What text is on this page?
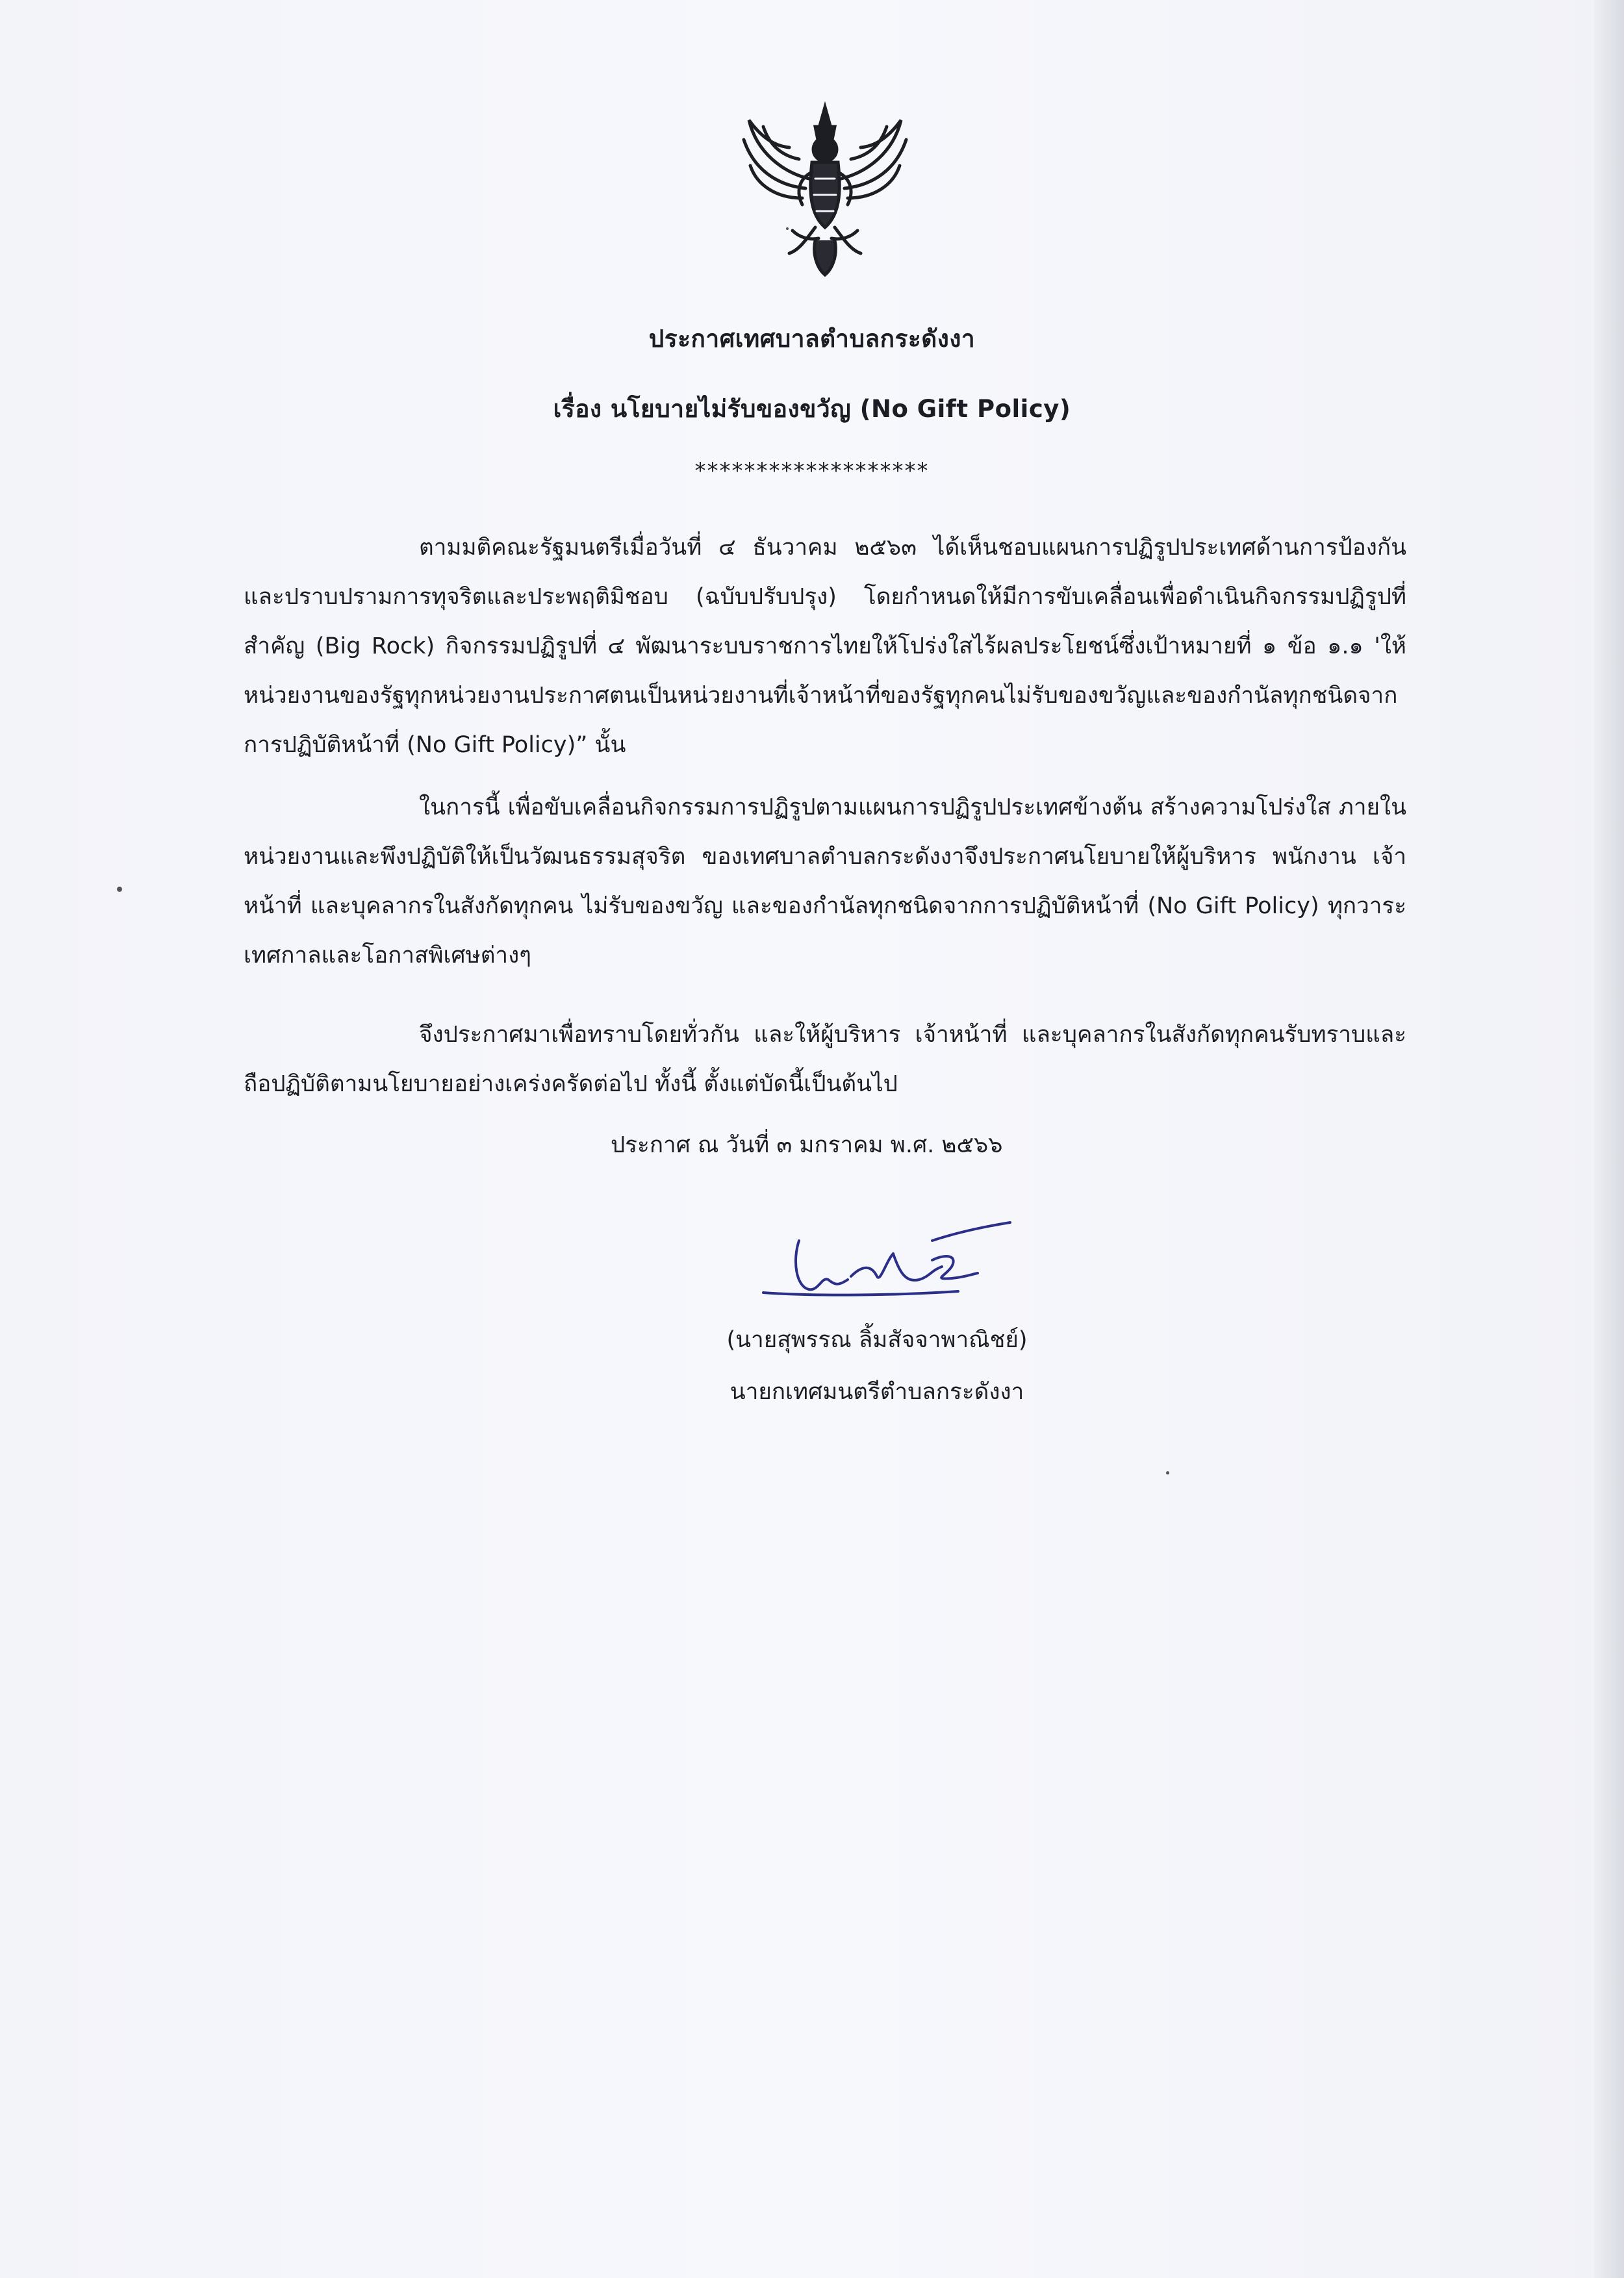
ประกาศเทศบาลตำบลกระดังงา
เรื่อง นโยบายไม่รับของขวัญ (No Gift Policy)
*******************
ตามมติคณะรัฐมนตรีเมื่อวันที่ ๔ ธันวาคม ๒๕๖๓ ได้เห็นชอบแผนการปฏิรูปประเทศด้านการป้องกันและปราบปรามการทุจริตและประพฤติมิชอบ (ฉบับปรับปรุง) โดยกำหนดให้มีการขับเคลื่อนเพื่อดำเนินกิจกรรมปฏิรูปที่สำคัญ (Big Rock) กิจกรรมปฏิรูปที่ ๔ พัฒนาระบบราชการไทยให้โปร่งใสไร้ผลประโยชน์ซึ่งเป้าหมายที่ ๑ ข้อ ๑.๑ 'ให้หน่วยงานของรัฐทุกหน่วยงานประกาศตนเป็นหน่วยงานที่เจ้าหน้าที่ของรัฐทุกคนไม่รับของขวัญและของกำนัลทุกชนิดจากการปฏิบัติหน้าที่ (No Gift Policy)” นั้น
ในการนี้ เพื่อขับเคลื่อนกิจกรรมการปฏิรูปตามแผนการปฏิรูปประเทศข้างต้น สร้างความโปร่งใส ภายในหน่วยงานและพึงปฏิบัติให้เป็นวัฒนธรรมสุจริต ของเทศบาลตำบลกระดังงาจึงประกาศนโยบายให้ผู้บริหาร พนักงาน เจ้าหน้าที่ และบุคลากรในสังกัดทุกคน ไม่รับของขวัญ และของกำนัลทุกชนิดจากการปฏิบัติหน้าที่ (No Gift Policy) ทุกวาระเทศกาลและโอกาสพิเศษต่างๆ
จึงประกาศมาเพื่อทราบโดยทั่วกัน และให้ผู้บริหาร เจ้าหน้าที่ และบุคลากรในสังกัดทุกคนรับทราบและถือปฏิบัติตามนโยบายอย่างเคร่งครัดต่อไป ทั้งนี้ ตั้งแต่บัดนี้เป็นต้นไป
ประกาศ ณ วันที่ ๓ มกราคม พ.ศ. ๒๕๖๖
(นายสุพรรณ ลิ้มสัจจาพาณิชย์)
นายกเทศมนตรีตำบลกระดังงา
